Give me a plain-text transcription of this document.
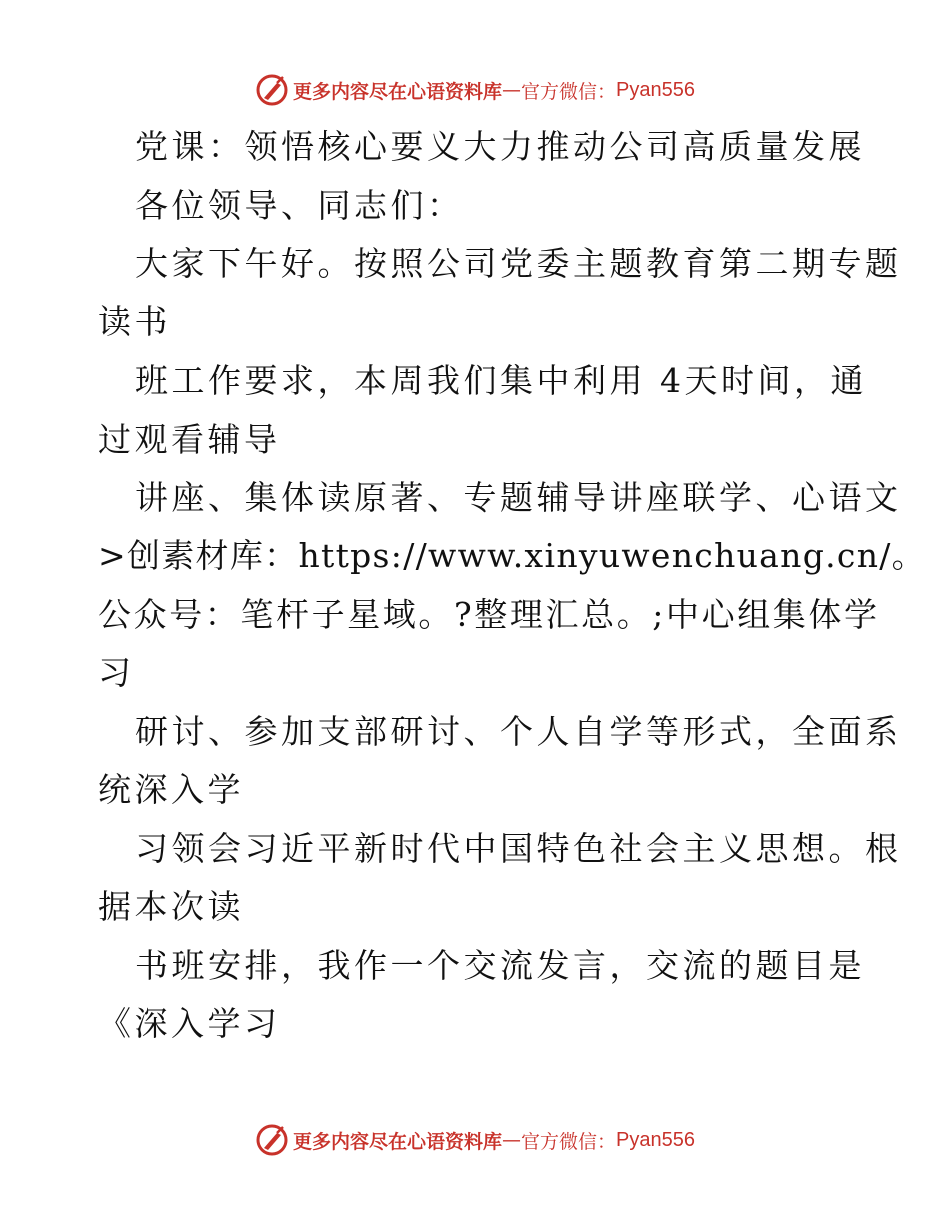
更多内容尽在心语资料库 — 官方微信： Pyan556
党课：领悟核心要义大力推动公司高质量发展
各位领导、同志们：
大家下午好。按照公司党委主题教育第二期专题
读书
班工作要求，本周我们集中利用 4天时间，通
过观看辅导
讲座、集体读原著、专题辅导讲座联学、心语文
>创素材库：https://www.xinyuwenchuang.cn/。
公众号：笔杆子星域。?整理汇总。;中心组集体学
习
研讨、参加支部研讨、个人自学等形式，全面系
统深入学
习领会习近平新时代中国特色社会主义思想。根
据本次读
书班安排，我作一个交流发言，交流的题目是
《深入学习
更多内容尽在心语资料库 — 官方微信： Pyan556
